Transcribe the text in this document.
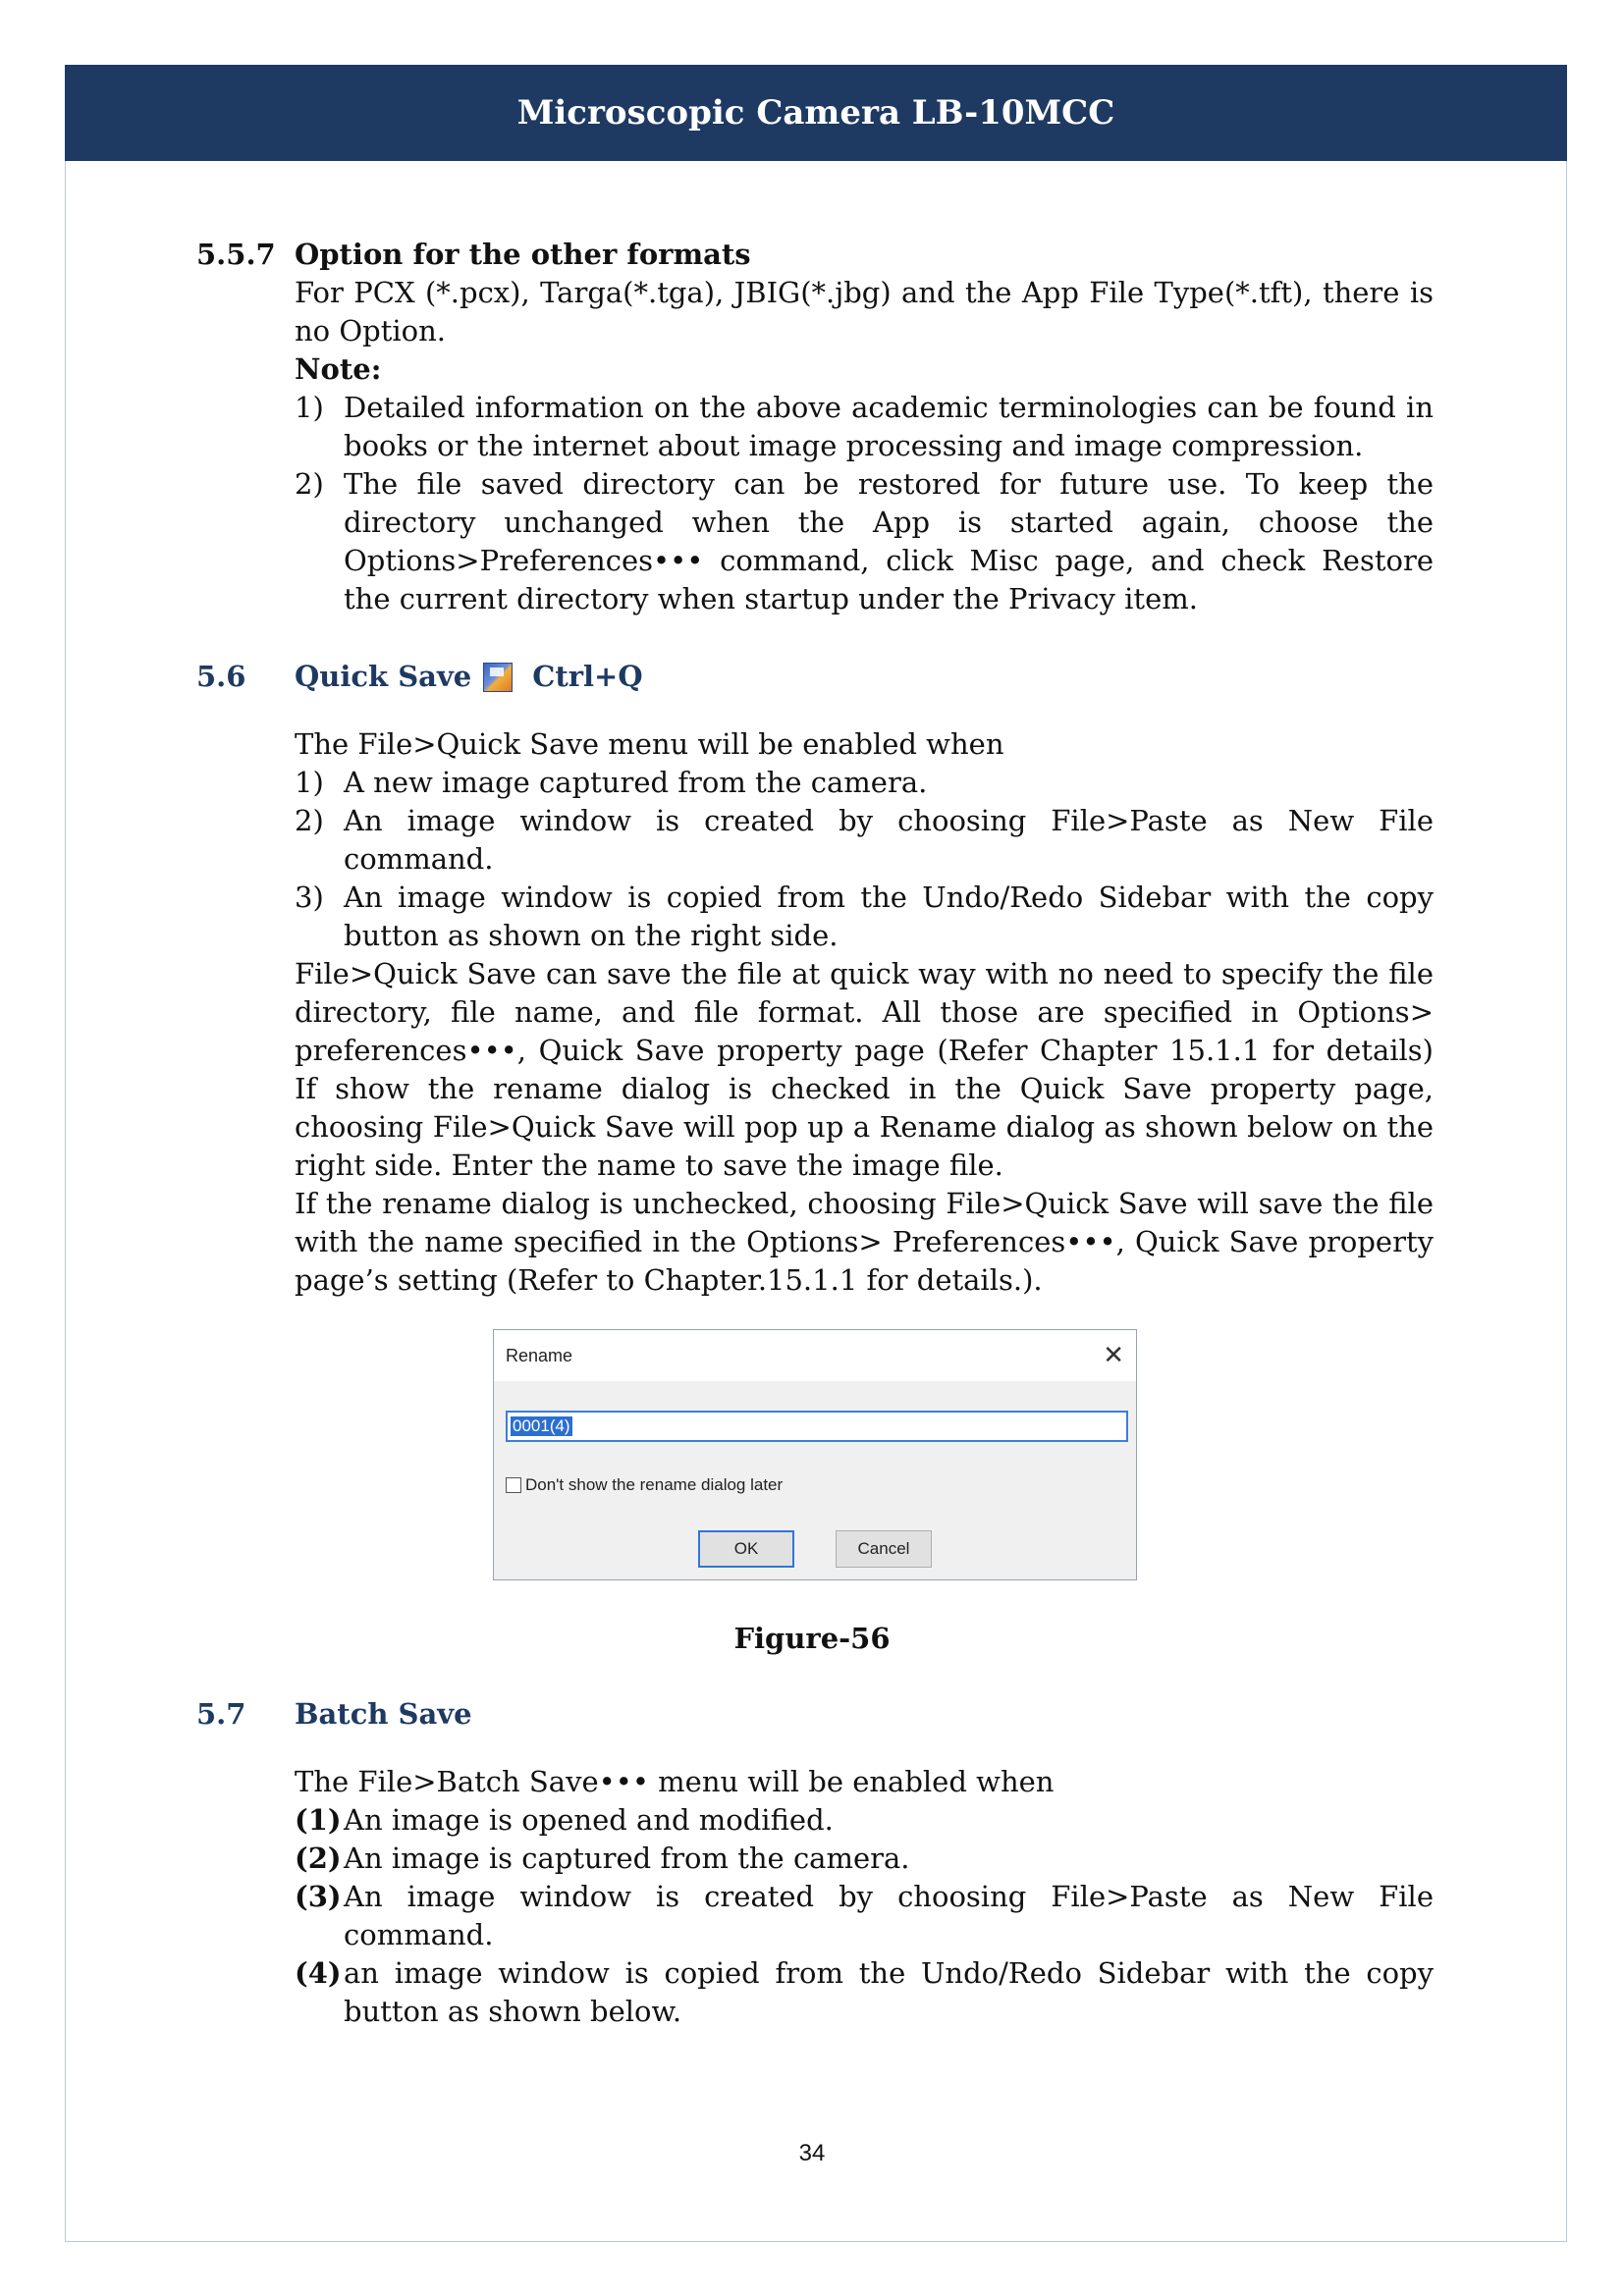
Microscopic Camera LB-10MCC
5.5.7 Option for the other formats

For PCX (*.pcx), Targa(*.tga), JBIG(*.jbg) and the App File Type(*.tft), there is no Option.

Note:

1) Detailed information on the above academic terminologies can be found in books or the internet about image processing and image compression.
2) The file saved directory can be restored for future use. To keep the directory unchanged when the App is started again, choose the Options>Preferences••• command, click Misc page, and check Restore the current directory when startup under the Privacy item.
5.6	Quick Save Ctrl+Q

The File>Quick Save menu will be enabled when

1) A new image captured from the camera.
2) An image window is created by choosing File>Paste as New File command.
3) An image window is copied from the Undo/Redo Sidebar with the copy button as shown on the right side.

File>Quick Save can save the file at quick way with no need to specify the file directory, file name, and file format. All those are specified in Options> preferences•••, Quick Save property page (Refer Chapter 15.1.1 for details) If show the rename dialog is checked in the Quick Save property page, choosing File>Quick Save will pop up a Rename dialog as shown below on the right side. Enter the name to save the image file.

If the rename dialog is unchecked, choosing File>Quick Save will save the file with the name specified in the Options> Preferences•••, Quick Save property page’s setting (Refer to Chapter.15.1.1 for details.).

Rename	✕
0001(4)
Don't show the rename dialog later
OK	Cancel
Figure-56
5.7	Batch Save

The File>Batch Save••• menu will be enabled when

(1) An image is opened and modified.
(2) An image is captured from the camera.
(3) An image window is created by choosing File>Paste as New File command.
(4) an image window is copied from the Undo/Redo Sidebar with the copy button as shown below.
34
